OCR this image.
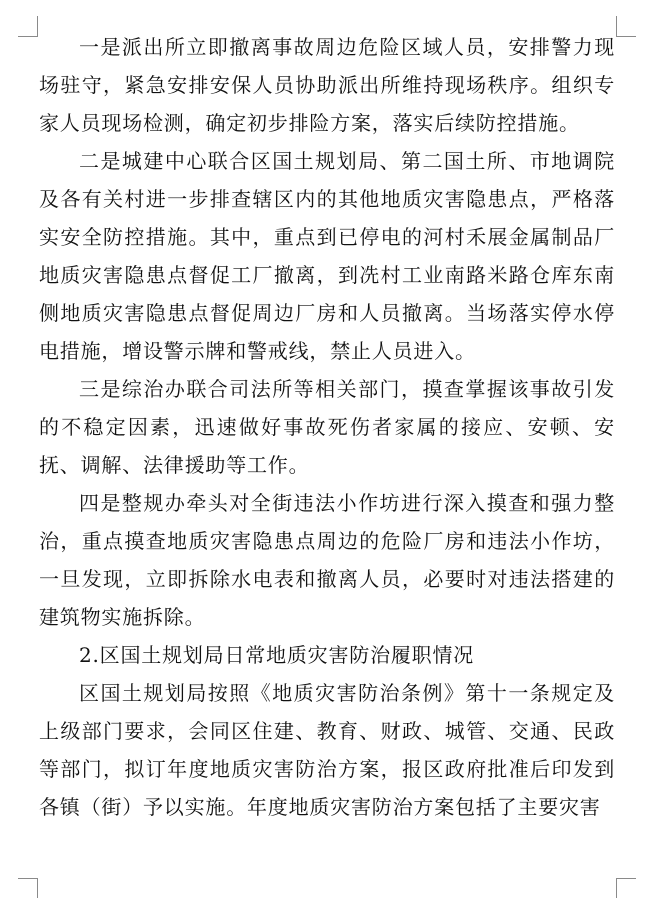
一是派出所立即撤离事故周边危险区域人员，安排警力现场驻守，紧急安排安保人员协助派出所维持现场秩序。组织专家人员现场检测，确定初步排险方案，落实后续防控措施。

二是城建中心联合区国土规划局、第二国土所、市地调院及各有关村进一步排查辖区内的其他地质灾害隐患点，严格落实安全防控措施。其中，重点到已停电的河村禾展金属制品厂地质灾害隐患点督促工厂撤离，到冼村工业南路米路仓库东南侧地质灾害隐患点督促周边厂房和人员撤离。当场落实停水停电措施，增设警示牌和警戒线，禁止人员进入。

三是综治办联合司法所等相关部门，摸查掌握该事故引发的不稳定因素，迅速做好事故死伤者家属的接应、安顿、安抚、调解、法律援助等工作。

四是整规办牵头对全街违法小作坊进行深入摸查和强力整治，重点摸查地质灾害隐患点周边的危险厂房和违法小作坊，一旦发现，立即拆除水电表和撤离人员，必要时对违法搭建的建筑物实施拆除。

2.区国土规划局日常地质灾害防治履职情况

区国土规划局按照《地质灾害防治条例》第十一条规定及上级部门要求，会同区住建、教育、财政、城管、交通、民政等部门，拟订年度地质灾害防治方案，报区政府批准后印发到各镇（街）予以实施。年度地质灾害防治方案包括了主要灾害
